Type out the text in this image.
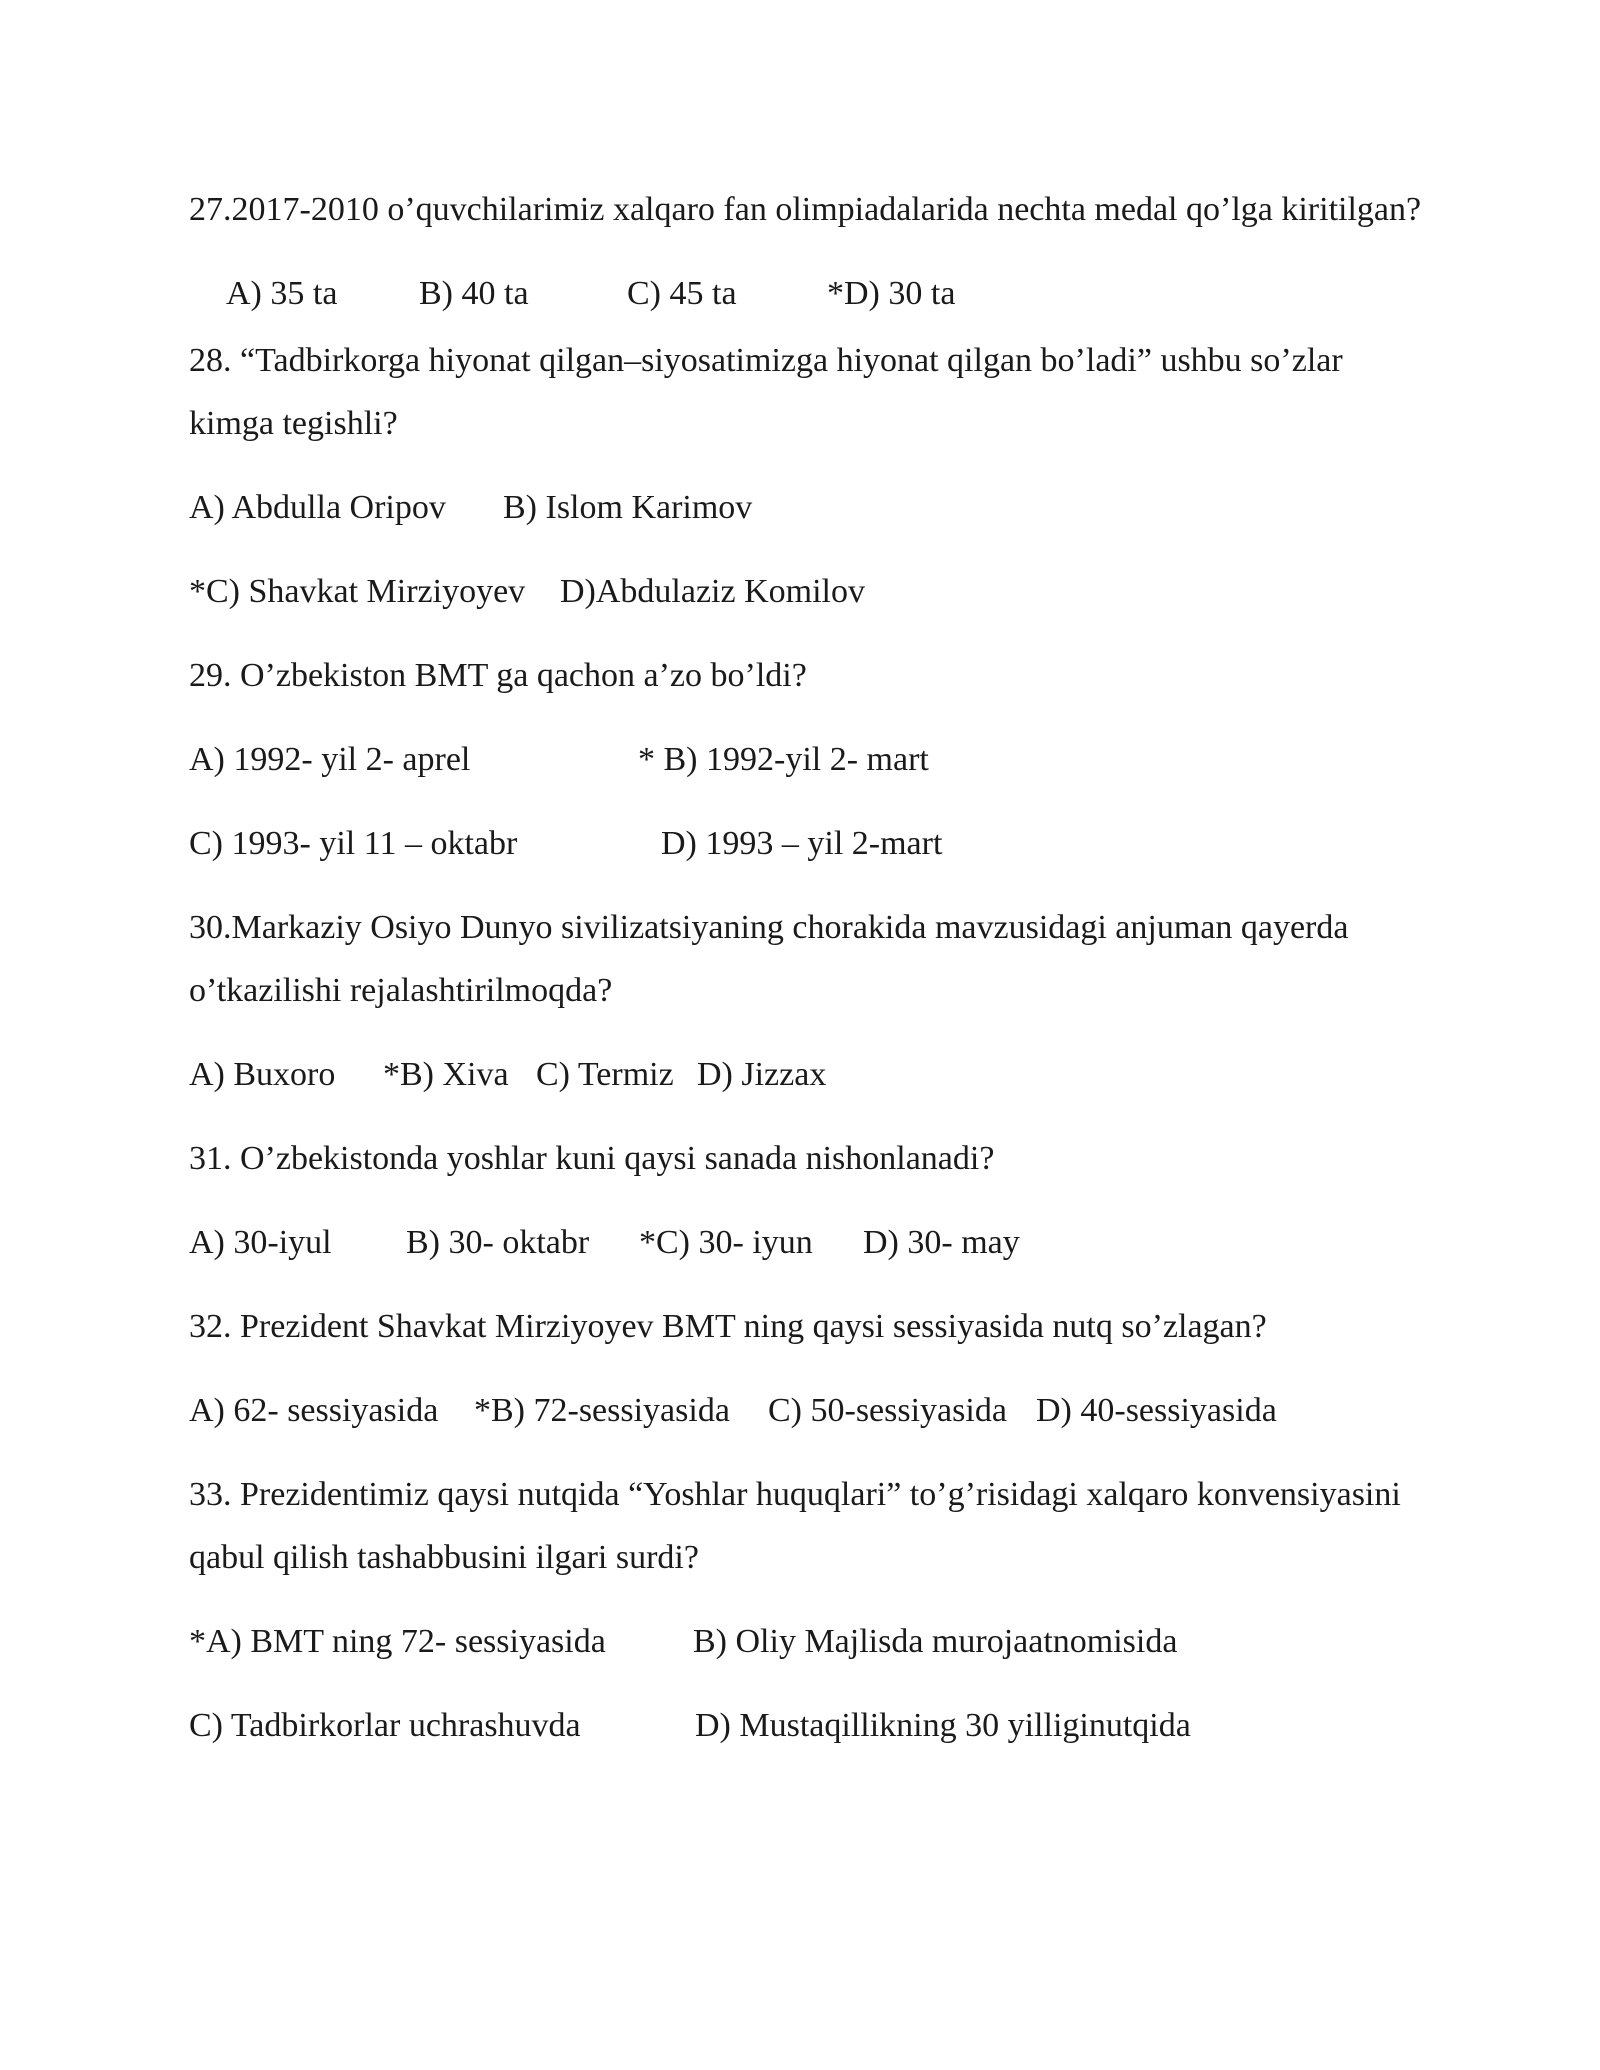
27.2017-2010 o’quvchilarimiz xalqaro fan olimpiadalarida nechta medal qo’lga kiritilgan?
A) 35 ta B) 40 ta	C) 45 ta	*D) 30 ta
28. “Tadbirkorga hiyonat qilgan–siyosatimizga hiyonat qilgan bo’ladi” ushbu so’zlar
kimga tegishli?
A) Abdulla Oripov B) Islom Karimov
*C) Shavkat Mirziyoyev D)Abdulaziz Komilov
29. O’zbekiston BMT ga qachon a’zo bo’ldi?
A) 1992- yil 2- aprel	* B) 1992-yil 2- mart
C) 1993- yil 11 – oktabr	D) 1993 – yil 2-mart
30.Markaziy Osiyo Dunyo sivilizatsiyaning chorakida mavzusidagi anjuman qayerda
o’tkazilishi rejalashtirilmoqda?
A) Buxoro *B) Xiva C) Termiz D) Jizzax
31. O’zbekistonda yoshlar kuni qaysi sanada nishonlanadi?
A) 30-iyul B) 30- oktabr *C) 30- iyun D) 30- may
32. Prezident Shavkat Mirziyoyev BMT ning qaysi sessiyasida nutq so’zlagan?
A) 62- sessiyasida *B) 72-sessiyasida C) 50-sessiyasida D) 40-sessiyasida
33. Prezidentimiz qaysi nutqida “Yoshlar huquqlari” to’g’risidagi xalqaro konvensiyasini
qabul qilish tashabbusini ilgari surdi?
*A) BMT ning 72- sessiyasida	B) Oliy Majlisda murojaatnomisida
C) Tadbirkorlar uchrashuvda	D) Mustaqillikning 30 yilliginutqida
